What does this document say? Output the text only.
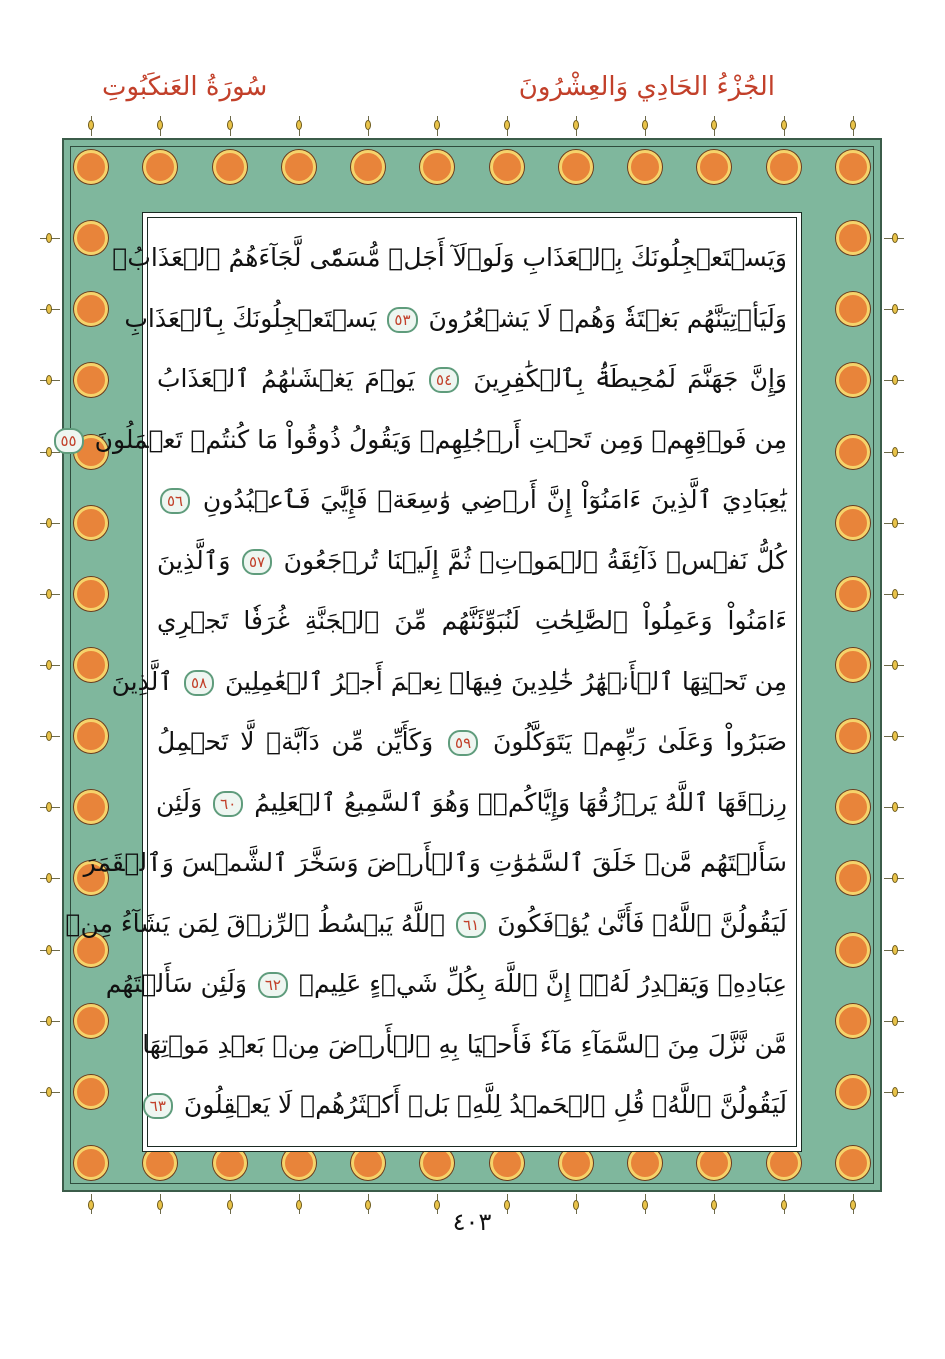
الجُزْءُ الحَادِي وَالعِشْرُونَ
سُورَةُ العَنكَبُوتِ
وَيَسۡتَعۡجِلُونَكَ بِٱلۡعَذَابِ وَلَوۡلَآ أَجَلٞ مُّسَمّٗى لَّجَآءَهُمُ ٱلۡعَذَابُۚ
وَلَيَأۡتِيَنَّهُم بَغۡتَةٗ وَهُمۡ لَا يَشۡعُرُونَ ٥٣ يَسۡتَعۡجِلُونَكَ بِٱلۡعَذَابِ
وَإِنَّ جَهَنَّمَ لَمُحِيطَةُۢ بِٱلۡكَٰفِرِينَ ٥٤ يَوۡمَ يَغۡشَىٰهُمُ ٱلۡعَذَابُ
مِن فَوۡقِهِمۡ وَمِن تَحۡتِ أَرۡجُلِهِمۡ وَيَقُولُ ذُوقُواْ مَا كُنتُمۡ تَعۡمَلُونَ ٥٥
يَٰعِبَادِيَ ٱلَّذِينَ ءَامَنُوٓاْ إِنَّ أَرۡضِي وَٰسِعَةٞ فَإِيَّٰيَ فَٱعۡبُدُونِ ٥٦
كُلُّ نَفۡسٖ ذَآئِقَةُ ٱلۡمَوۡتِۖ ثُمَّ إِلَيۡنَا تُرۡجَعُونَ ٥٧ وَٱلَّذِينَ
ءَامَنُواْ وَعَمِلُواْ ٱلصَّٰلِحَٰتِ لَنُبَوِّئَنَّهُم مِّنَ ٱلۡجَنَّةِ غُرَفٗا تَجۡرِي
مِن تَحۡتِهَا ٱلۡأَنۡهَٰرُ خَٰلِدِينَ فِيهَاۚ نِعۡمَ أَجۡرُ ٱلۡعَٰمِلِينَ ٥٨ ٱلَّذِينَ
صَبَرُواْ وَعَلَىٰ رَبِّهِمۡ يَتَوَكَّلُونَ ٥٩ وَكَأَيِّن مِّن دَآبَّةٖ لَّا تَحۡمِلُ
رِزۡقَهَا ٱللَّهُ يَرۡزُقُهَا وَإِيَّاكُمۡۚ وَهُوَ ٱلسَّمِيعُ ٱلۡعَلِيمُ ٦٠ وَلَئِن
سَأَلۡتَهُم مَّنۡ خَلَقَ ٱلسَّمَٰوَٰتِ وَٱلۡأَرۡضَ وَسَخَّرَ ٱلشَّمۡسَ وَٱلۡقَمَرَ
لَيَقُولُنَّ ٱللَّهُۖ فَأَنَّىٰ يُؤۡفَكُونَ ٦١ ٱللَّهُ يَبۡسُطُ ٱلرِّزۡقَ لِمَن يَشَآءُ مِنۡ
عِبَادِهِۦ وَيَقۡدِرُ لَهُۥٓۚ إِنَّ ٱللَّهَ بِكُلِّ شَيۡءٍ عَلِيمٞ ٦٢ وَلَئِن سَأَلۡتَهُم
مَّن نَّزَّلَ مِنَ ٱلسَّمَآءِ مَآءٗ فَأَحۡيَا بِهِ ٱلۡأَرۡضَ مِنۢ بَعۡدِ مَوۡتِهَا
لَيَقُولُنَّ ٱللَّهُۚ قُلِ ٱلۡحَمۡدُ لِلَّهِۚ بَلۡ أَكۡثَرُهُمۡ لَا يَعۡقِلُونَ ٦٣
٤٠٣
